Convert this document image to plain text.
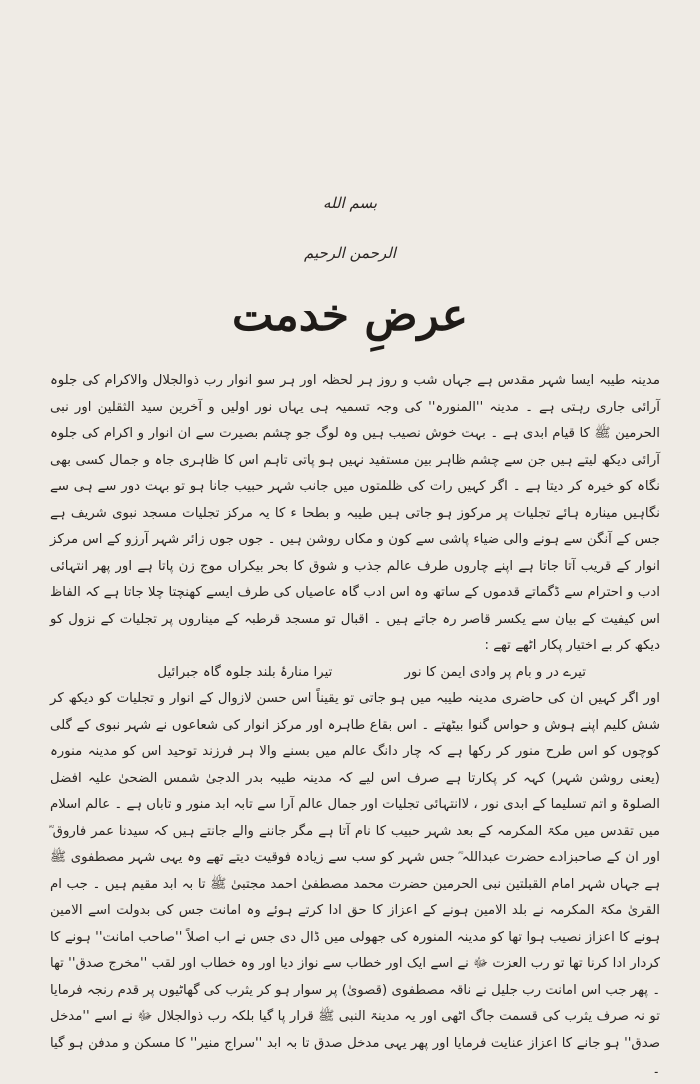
بسم الله الرحمن الرحيم
عرضِ خدمت

مدینہ طیبہ ایسا شہر مقدس ہے جہاں شب و روز ہر لحظہ اور ہر سو انوار رب ذوالجلال والاکرام کی جلوہ آرائی جاری رہتی ہے ۔ مدینہ ''المنورہ'' کی وجہ تسمیہ ہی یہاں نور اولیں و آخرین سید الثقلین اور نبی الحرمین ﷺ کا قیام ابدی ہے ۔ بہت خوش نصیب ہیں وہ لوگ جو چشم بصیرت سے ان انوار و اکرام کی جلوہ آرائی دیکھ لیتے ہیں جن سے چشم ظاہر بین مستفید نہیں ہو پاتی تاہم اس کا ظاہری جاہ و جمال کسی بھی نگاہ کو خیرہ کر دیتا ہے ۔ اگر کہیں رات کی ظلمتوں میں جانب شہر حبیب جانا ہو تو بہت دور سے ہی سے نگاہیں مینارہ ہائے تجلیات پر مرکوز ہو جاتی ہیں طیبہ و بطحا ء کا یہ مرکز تجلیات مسجد نبوی شریف ہے جس کے آنگن سے ہونے والی ضیاء پاشی سے کون و مکاں روشن ہیں ۔ جوں جوں زائر شہر آرزو کے اس مرکز انوار کے قریب آتا جاتا ہے اپنے چاروں طرف عالم جذب و شوق کا بحر بیکراں موج زن پاتا ہے اور پھر انتہائی ادب و احترام سے ڈگماتے قدموں کے ساتھ وہ اس ادب گاہ عاصیاں کی طرف ایسے کھنچتا چلا جاتا ہے کہ الفاظ اس کیفیت کے بیان سے یکسر قاصر رہ جاتے ہیں ۔ اقبال تو مسجد قرطبہ کے میناروں پر تجلیات کے نزول کو دیکھ کر بے اختیار پکار اٹھے تھے :

تیرے در و بام پر وادی ایمن کا نور تیرا منارۂ بلند جلوہ گاہ جبرائیل

اور اگر کہیں ان کی حاضری مدینہ طیبہ میں ہو جاتی تو یقیناً اس حسن لازوال کے انوار و تجلیات کو دیکھ کر شش کلیم اپنے ہوش و حواس گنوا بیٹھتے ۔ اس بقاع طاہرہ اور مرکز انوار کی شعاعوں نے شہر نبوی کے گلی کوچوں کو اس طرح منور کر رکھا ہے کہ چار دانگ عالم میں بسنے والا ہر فرزند توحید اس کو مدینہ منورہ (یعنی روشن شہر) کہہ کر پکارتا ہے صرف اس لیے کہ مدینہ طیبہ بدر الدجیٰ شمس الضحیٰ علیہ افضل الصلوۃ و اتم تسلیما کے ابدی نور ، لاانتہائی تجلیات اور جمال عالم آرا سے تابہ ابد منور و تاباں ہے ۔ عالم اسلام میں تقدس میں مکۃ المکرمہ کے بعد شہر حبیب کا نام آتا ہے مگر جاننے والے جانتے ہیں کہ سیدنا عمر فاروق ؓ اور ان کے صاحبزادے حضرت عبداللہ ؓ جس شہر کو سب سے زیادہ فوقیت دیتے تھے وہ یہی شہر مصطفوی ﷺ ہے جہاں شہر امام القبلتین نبی الحرمین حضرت محمد مصطفیٰ احمد مجتبیٰ ﷺ تا بہ ابد مقیم ہیں ۔ جب ام القریٰ مکۃ المکرمہ نے بلد الامین ہونے کے اعزاز کا حق ادا کرتے ہوئے وہ امانت جس کی بدولت اسے الامین ہونے کا اعزاز نصیب ہوا تھا کو مدینہ المنورہ کی جھولی میں ڈال دی جس نے اب اصلاً ''صاحب امانت'' ہونے کا کردار ادا کرنا تھا تو رب العزت ﷻ نے اسے ایک اور خطاب سے نواز دیا اور وہ خطاب اور لقب ''مخرج صدق'' تھا ۔ پھر جب اس امانت رب جلیل نے ناقہ مصطفوی (قصویٰ) پر سوار ہو کر یثرب کی گھاٹیوں پر قدم رنجہ فرمایا تو نہ صرف یثرب کی قسمت جاگ اٹھی اور یہ مدینۃ النبی ﷺ قرار پا گیا بلکہ رب ذوالجلال ﷻ نے اسے ''مدخل صدق'' ہو جانے کا اعزاز عنایت فرمایا اور پھر یہی مدخل صدق تا بہ ابد ''سراج منیر'' کا مسکن و مدفن ہو گیا ۔
